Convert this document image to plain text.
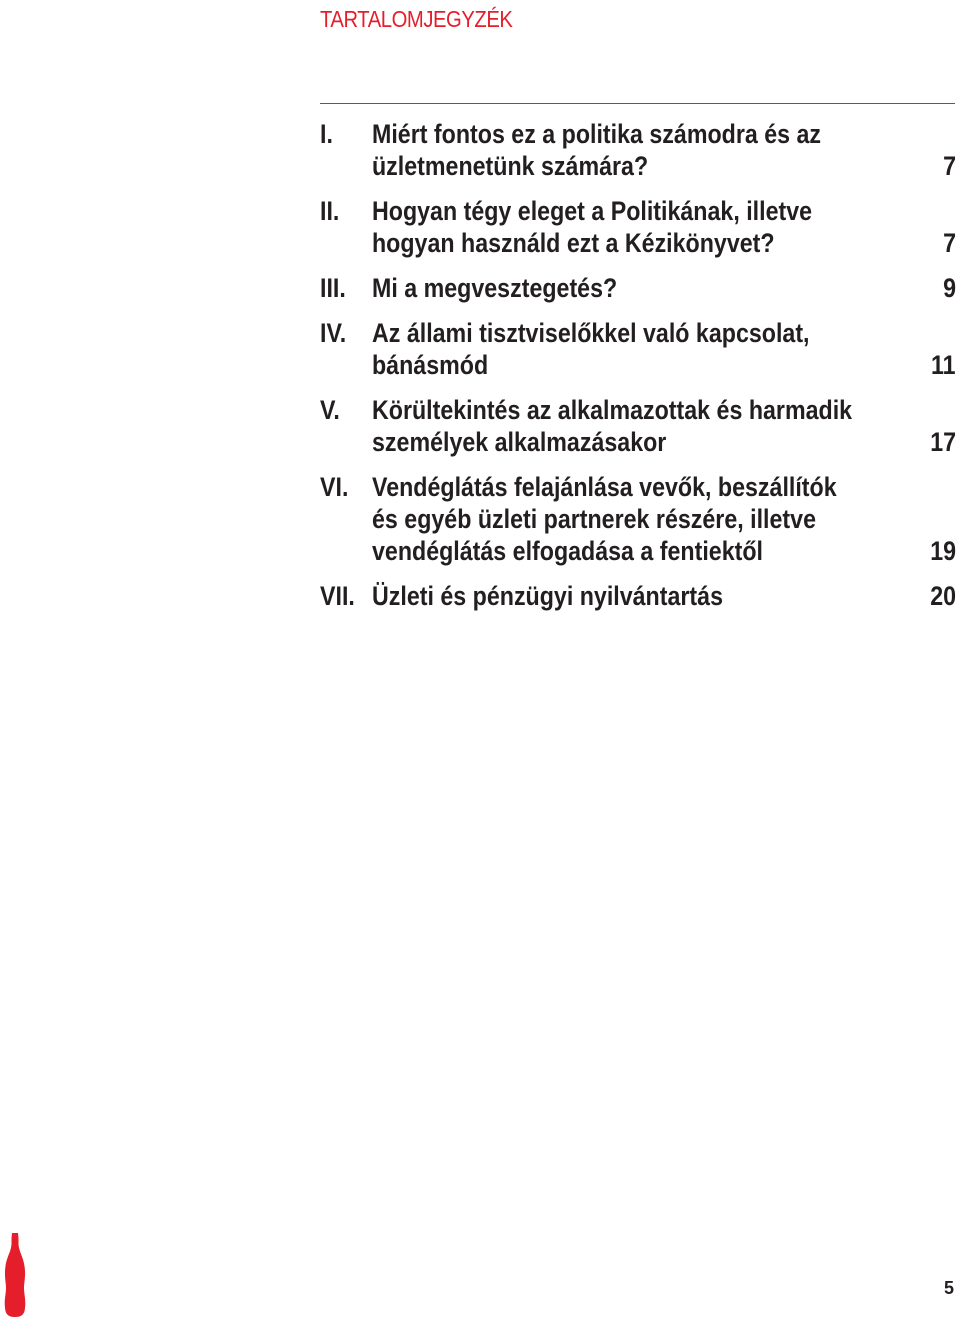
TARTALOMJEGYZÉK
I. Miért fontos ez a politika számodra és az
üzletmenetünk számára?	7
II. Hogyan tégy eleget a Politikának, illetve
hogyan használd ezt a Kézikönyvet?	7
III. Mi a megvesztegetés?	9
IV. Az állami tisztviselőkkel való kapcsolat,
bánásmód	11
V. Körültekintés az alkalmazottak és harmadik
személyek alkalmazásakor	17
VI. Vendéglátás felajánlása vevők, beszállítók
és egyéb üzleti partnerek részére, illetve
vendéglátás elfogadása a fentiektől	19
VII. Üzleti és pénzügyi nyilvántartás	20
5
